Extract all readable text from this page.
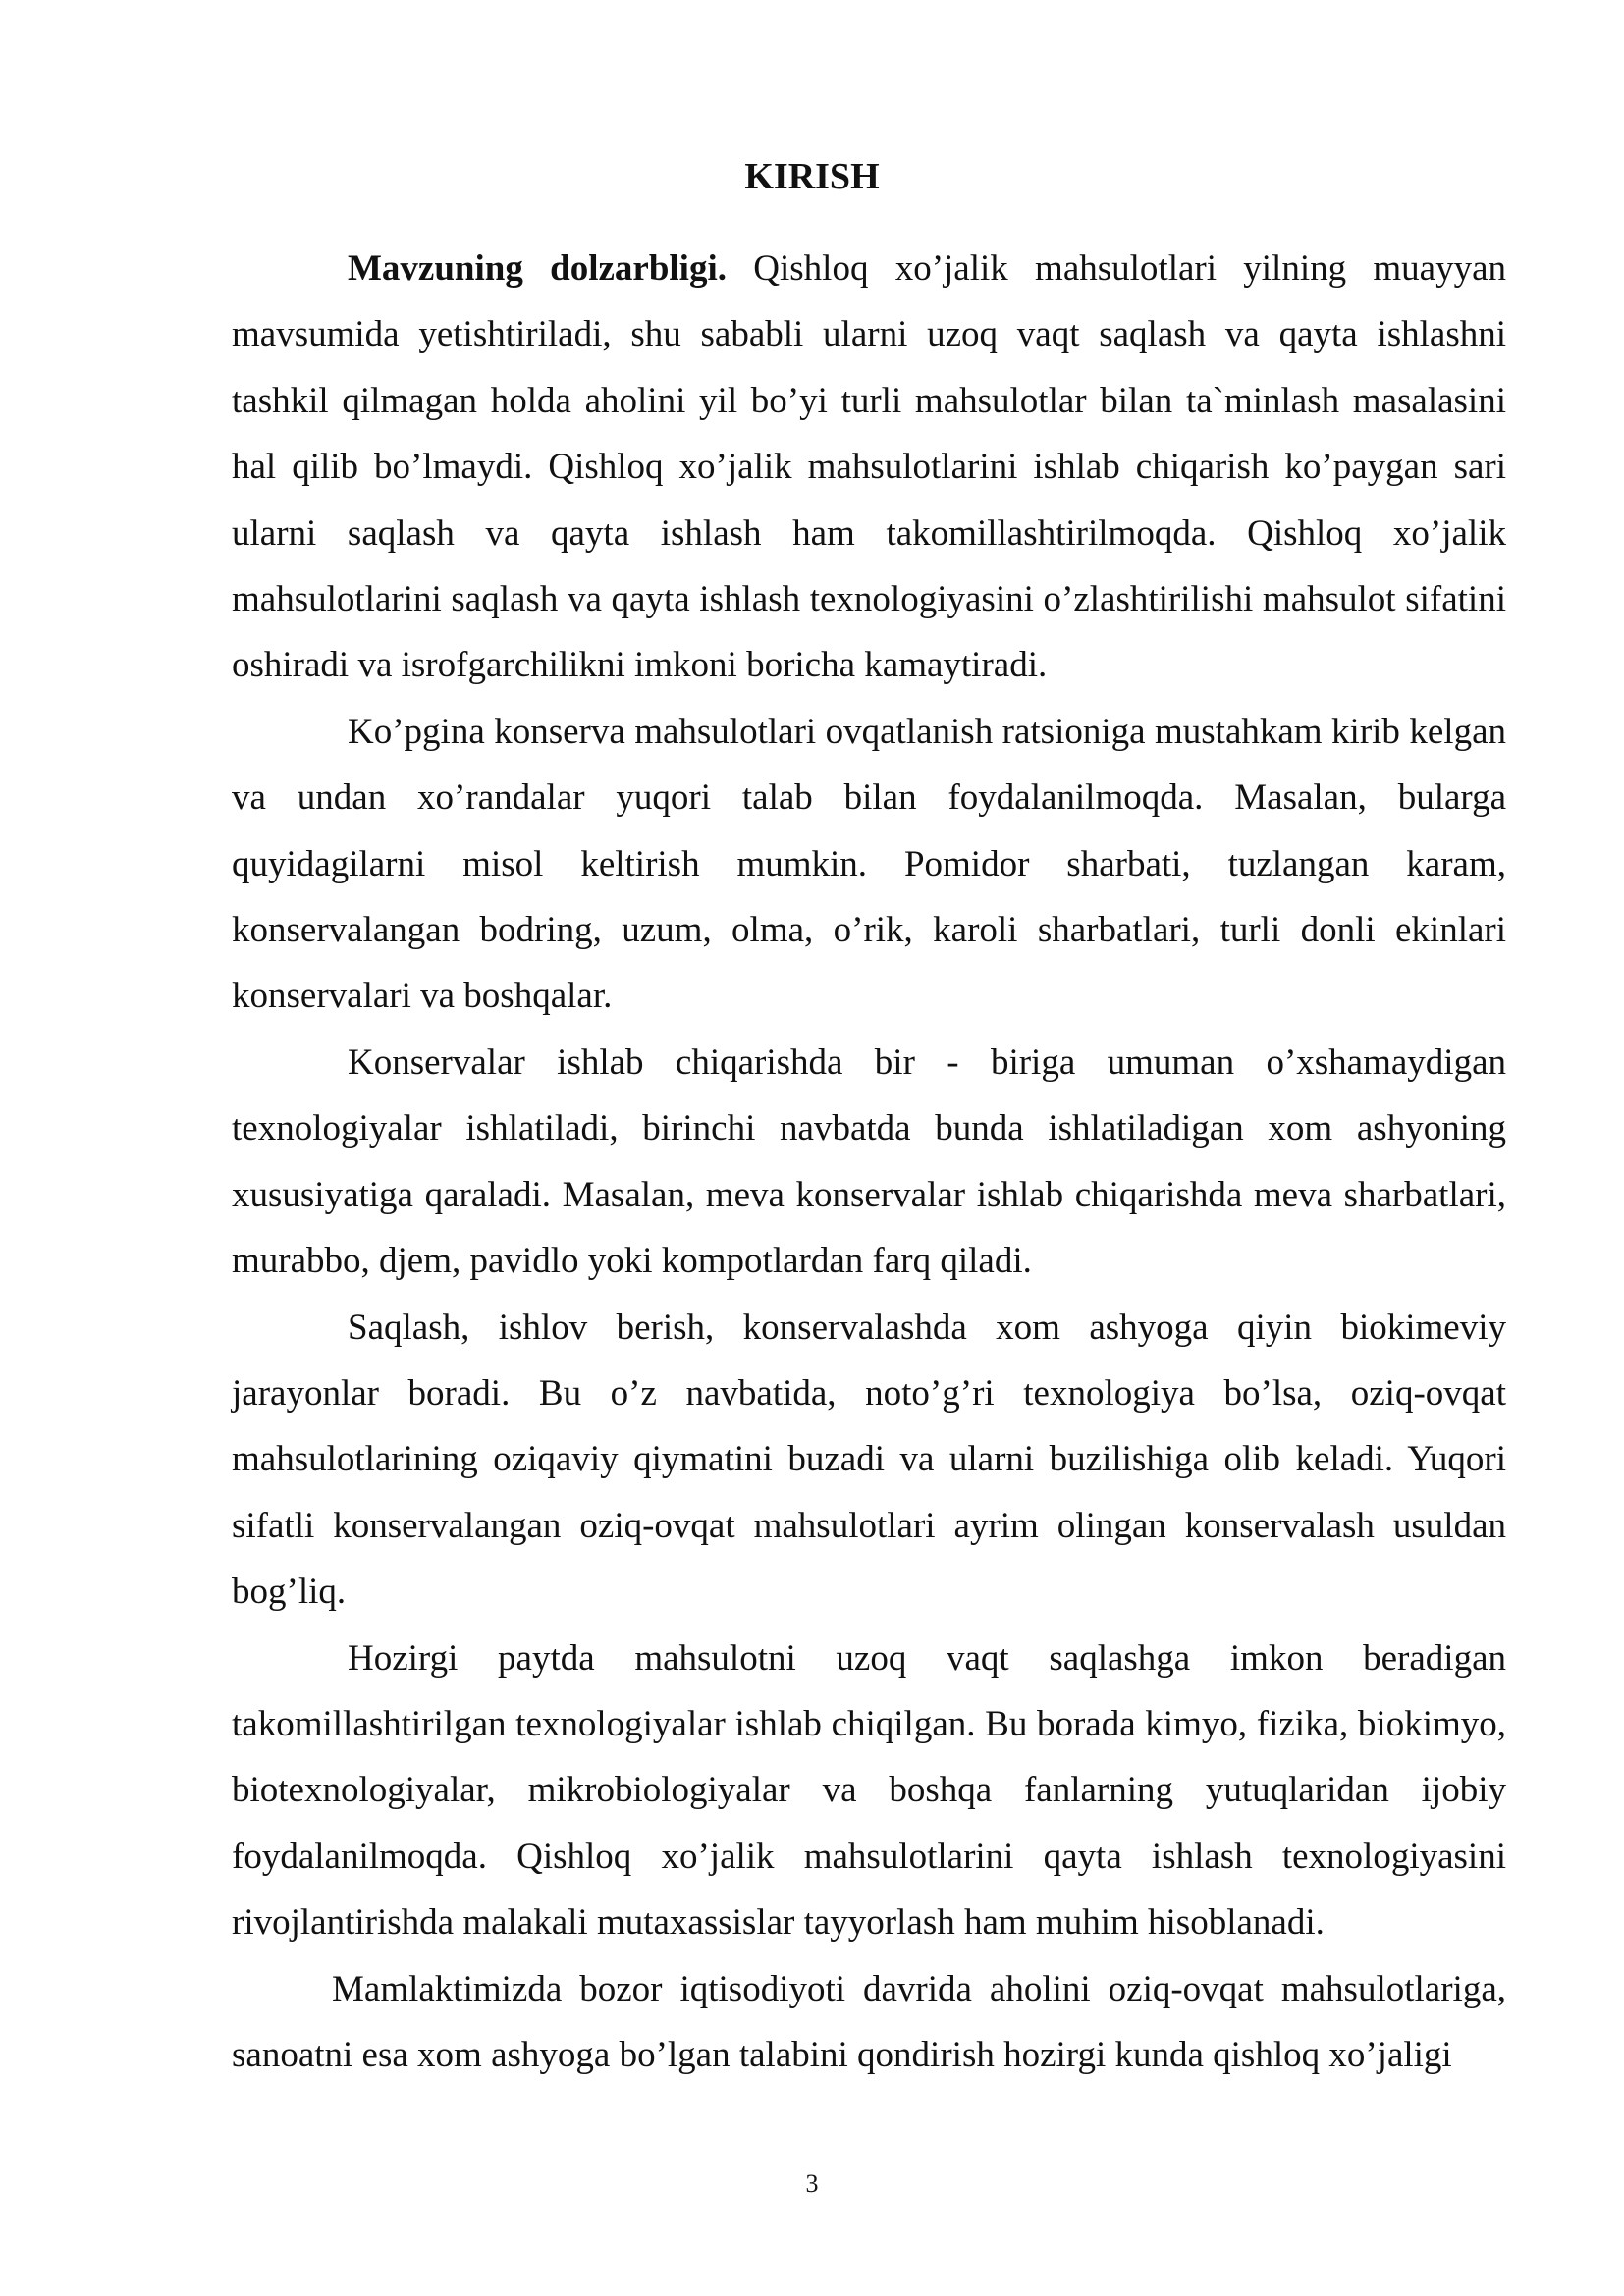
KIRISH

Mavzuning dolzarbligi. Qishloq xo’jalik mahsulotlari yilning muayyan mavsumida yetishtiriladi, shu sababli ularni uzoq vaqt saqlash va qayta ishlashni tashkil qilmagan holda aholini yil bo’yi turli mahsulotlar bilan ta`minlash masalasini hal qilib bo’lmaydi. Qishloq xo’jalik mahsulotlarini ishlab chiqarish ko’paygan sari ularni saqlash va qayta ishlash ham takomillashtirilmoqda. Qishloq xo’jalik mahsulotlarini saqlash va qayta ishlash texnologiyasini o’zlashtirilishi mahsulot sifatini oshiradi va isrofgarchilikni imkoni boricha kamaytiradi.

Ko’pgina konserva mahsulotlari ovqatlanish ratsioniga mustahkam kirib kelgan va undan xo’randalar yuqori talab bilan foydalanilmoqda. Masalan, bularga quyidagilarni misol keltirish mumkin. Pomidor sharbati, tuzlangan karam, konservalangan bodring, uzum, olma, o’rik, karoli sharbatlari, turli donli ekinlari konservalari va boshqalar.

Konservalar ishlab chiqarishda bir - biriga umuman o’xshamaydigan texnologiyalar ishlatiladi, birinchi navbatda bunda ishlatiladigan xom ashyoning xususiyatiga qaraladi. Masalan, meva konservalar ishlab chiqarishda meva sharbatlari, murabbo, djem, pavidlo yoki kompotlardan farq qiladi.

Saqlash, ishlov berish, konservalashda xom ashyoga qiyin biokimeviy jarayonlar boradi. Bu o’z navbatida, noto’g’ri texnologiya bo’lsa, oziq-ovqat mahsulotlarining oziqaviy qiymatini buzadi va ularni buzilishiga olib keladi. Yuqori sifatli konservalangan oziq-ovqat mahsulotlari ayrim olingan konservalash usuldan bog’liq.

Hozirgi paytda mahsulotni uzoq vaqt saqlashga imkon beradigan takomillashtirilgan texnologiyalar ishlab chiqilgan. Bu borada kimyo, fizika, biokimyo, biotexnologiyalar, mikrobiologiyalar va boshqa fanlarning yutuqlaridan ijobiy foydalanilmoqda. Qishloq xo’jalik mahsulotlarini qayta ishlash texnologiyasini rivojlantirishda malakali mutaxassislar tayyorlash ham muhim hisoblanadi.

Mamlaktimizda bozor iqtisodiyoti davrida aholini oziq-ovqat mahsulotlariga, sanoatni esa xom ashyoga bo’lgan talabini qondirish hozirgi kunda qishloq xo’jaligi

3
